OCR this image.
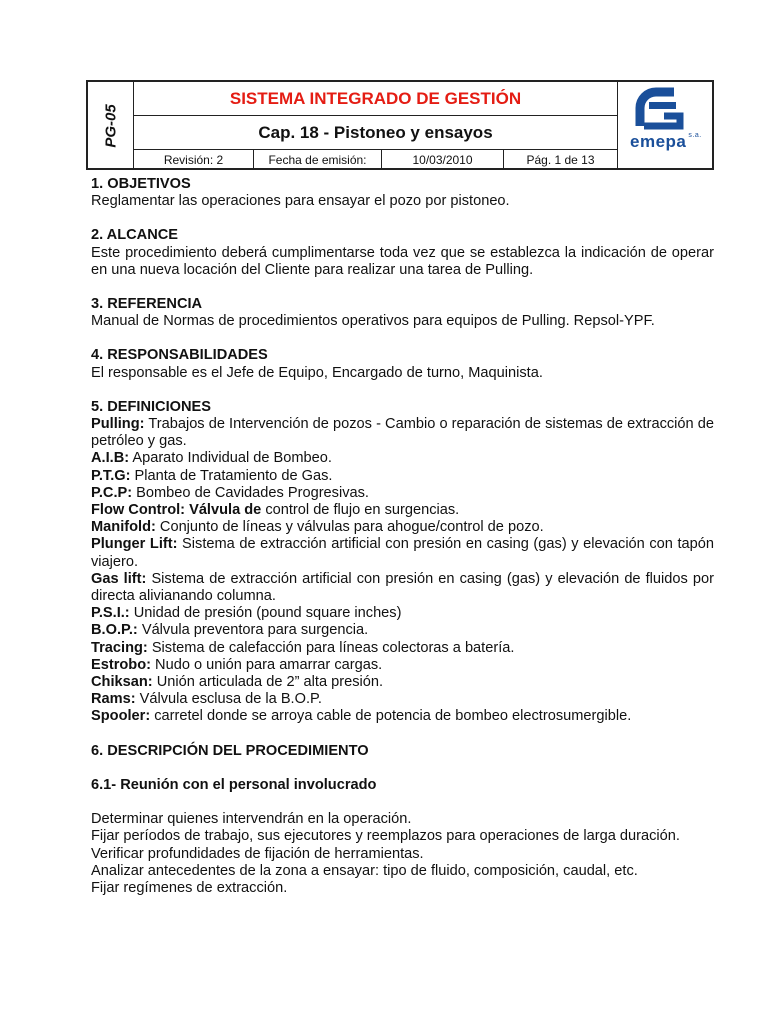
PG-05
SISTEMA INTEGRADO DE GESTIÓN
Cap. 18 - Pistoneo y ensayos
Revisión: 2	Fecha de emisión:	10/03/2010	Pág. 1 de 13
emepa $^{s.a.}$

1. OBJETIVOS

Reglamentar las operaciones para ensayar el pozo por pistoneo.

2. ALCANCE

Este procedimiento deberá cumplimentarse toda vez que se establezca la indicación de operar en una nueva locación del Cliente para realizar una tarea de Pulling.

3. REFERENCIA

Manual de Normas de procedimientos operativos para equipos de Pulling. Repsol-YPF.

4. RESPONSABILIDADES

El responsable es el Jefe de Equipo, Encargado de turno, Maquinista.

5. DEFINICIONES

Pulling: Trabajos de Intervención de pozos - Cambio o reparación de sistemas de extracción de petróleo y gas.

A.I.B: Aparato Individual de Bombeo.

P.T.G: Planta de Tratamiento de Gas.

P.C.P: Bombeo de Cavidades Progresivas.

Flow Control: Válvula de control de flujo en surgencias.

Manifold: Conjunto de líneas y válvulas para ahogue/control de pozo.

Plunger Lift: Sistema de extracción artificial con presión en casing (gas) y elevación con tapón viajero.

Gas lift: Sistema de extracción artificial con presión en casing (gas) y elevación de fluidos por directa alivianando columna.

P.S.I.: Unidad de presión (pound square inches)

B.O.P.: Válvula preventora para surgencia.

Tracing: Sistema de calefacción para líneas colectoras a batería.

Estrobo: Nudo o unión para amarrar cargas.

Chiksan: Unión articulada de 2” alta presión.

Rams: Válvula esclusa de la B.O.P.

Spooler: carretel donde se arroya cable de potencia de bombeo electrosumergible.

6. DESCRIPCIÓN DEL PROCEDIMIENTO

6.1- Reunión con el personal involucrado

Determinar quienes intervendrán en la operación.

Fijar períodos de trabajo, sus ejecutores y reemplazos para operaciones de larga duración.

Verificar profundidades de fijación de herramientas.

Analizar antecedentes de la zona a ensayar: tipo de fluido, composición, caudal, etc.

Fijar regímenes de extracción.
